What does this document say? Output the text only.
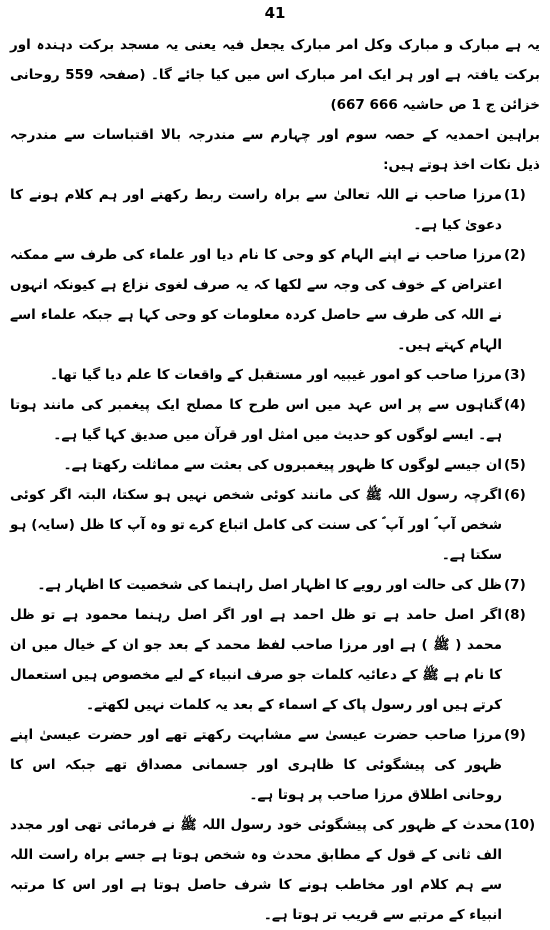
41

یہ ہے مبارک و مبارک وکل امر مبارک یجعل فیہ یعنی یہ مسجد برکت دہندہ اور برکت یافتہ ہے اور ہر ایک امر مبارک اس میں کیا جائے گا۔ (صفحہ 559 روحانی خزائن ج 1 ص حاشیہ 666 667)

براہین احمدیہ کے حصہ سوم اور چہارم سے مندرجہ بالا اقتباسات سے مندرجہ ذیل نکات اخذ ہوتے ہیں:

مرزا صاحب نے اللہ تعالیٰ سے براہ راست ربط رکھنے اور ہم کلام ہونے کا دعویٰ کیا ہے۔
(1)
مرزا صاحب نے اپنے الہام کو وحی کا نام دیا اور علماء کی طرف سے ممکنہ اعتراض کے خوف کی وجہ سے لکھا کہ یہ صرف لغوی نزاع ہے کیونکہ انہوں نے اللہ کی طرف سے حاصل کردہ معلومات کو وحی کہا ہے جبکہ علماء اسے الہام کہتے ہیں۔
(2)
مرزا صاحب کو امور غیبیہ اور مستقبل کے واقعات کا علم دیا گیا تھا۔ (3)
گناہوں سے پر اس عہد میں اس طرح کا مصلح ایک پیغمبر کی مانند ہوتا ہے۔ ایسے لوگوں کو حدیث میں امثل اور قرآن میں صدیق کہا گیا ہے۔
(4)
ان جیسے لوگوں کا ظہور پیغمبروں کی بعثت سے مماثلت رکھتا ہے۔ (5)
اگرچہ رسول اللہ ﷺ کی مانند کوئی شخص نہیں ہو سکتا، البتہ اگر کوئی شخص آپ ؐ اور آپ ؐ کی سنت کی کامل اتباع کرے تو وہ آپ کا ظل (سایہ) ہو سکتا ہے۔
(6)
ظل کی حالت اور رویے کا اظہار اصل راہنما کی شخصیت کا اظہار ہے۔ (7)
اگر اصل حامد ہے تو ظل احمد ہے اور اگر اصل رہنما محمود ہے تو ظل محمد ( ﷺ ) ہے اور مرزا صاحب لفظ محمد کے بعد جو ان کے خیال میں ان کا نام ہے ﷺ کے دعائیہ کلمات جو صرف انبیاء کے لیے مخصوص ہیں استعمال کرتے ہیں اور رسول پاک کے اسماء کے بعد یہ کلمات نہیں لکھتے۔
(8)
مرزا صاحب حضرت عیسیٰ سے مشابہت رکھتے تھے اور حضرت عیسیٰ اپنے ظہور کی پیشگوئی کا ظاہری اور جسمانی مصداق تھے جبکہ اس کا روحانی اطلاق مرزا صاحب پر ہوتا ہے۔
(9)
محدث کے ظہور کی پیشگوئی خود رسول اللہ ﷺ نے فرمائی تھی اور مجدد الف ثانی کے قول کے مطابق محدث وہ شخص ہوتا ہے جسے براہ راست اللہ سے ہم کلام اور مخاطب ہونے کا شرف حاصل ہوتا ہے اور اس کا مرتبہ انبیاء کے مرتبے سے قریب تر ہوتا ہے۔
(10)
